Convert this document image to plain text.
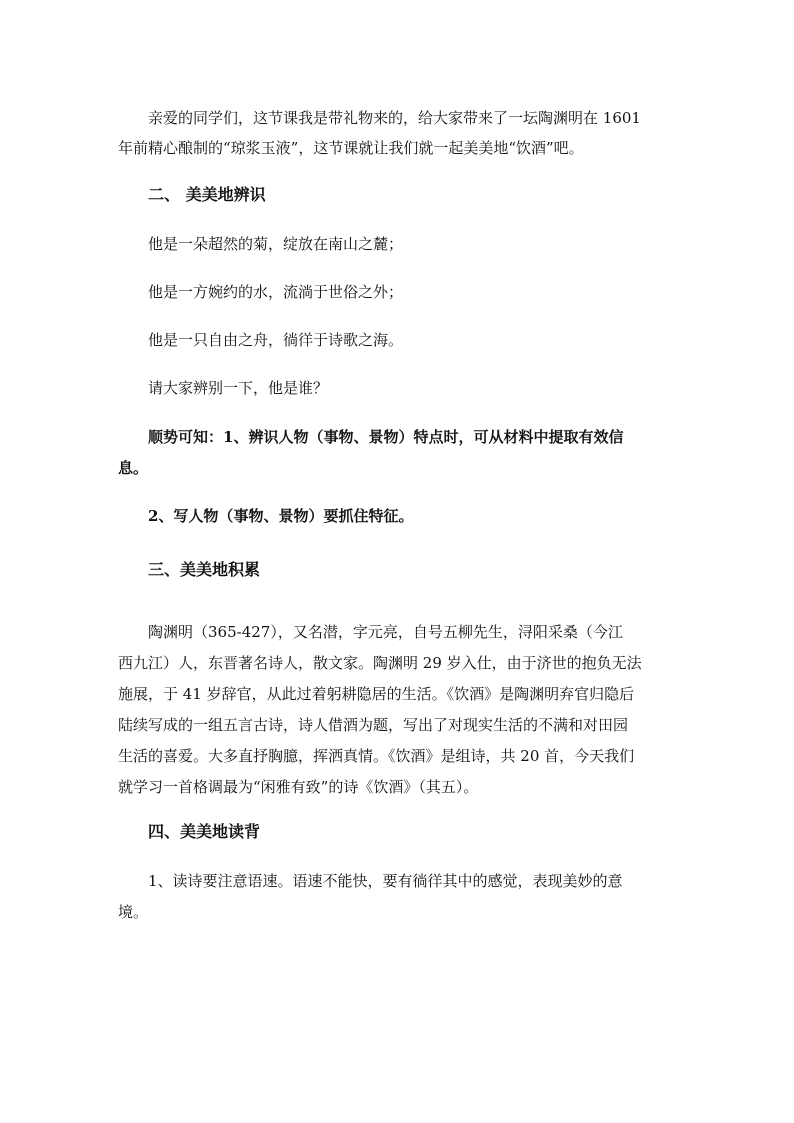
亲爱的同学们，这节课我是带礼物来的，给大家带来了一坛陶渊明在 1601
年前精心酿制的“琼浆玉液”，这节课就让我们就一起美美地“饮酒”吧。
二、 美美地辨识
他是一朵超然的菊，绽放在南山之麓；
他是一方婉约的水，流淌于世俗之外；
他是一只自由之舟，徜徉于诗歌之海。
请大家辨别一下，他是谁？
顺势可知：1、辨识人物（事物、景物）特点时，可从材料中提取有效信
息。
2、写人物（事物、景物）要抓住特征。
三、美美地积累
陶渊明（365-427），又名潜，字元亮，自号五柳先生，浔阳采桑（今江
西九江）人，东晋著名诗人，散文家。陶渊明 29 岁入仕，由于济世的抱负无法
施展，于 41 岁辞官，从此过着躬耕隐居的生活。《饮酒》是陶渊明弃官归隐后
陆续写成的一组五言古诗，诗人借酒为题，写出了对现实生活的不满和对田园
生活的喜爱。大多直抒胸臆，挥洒真情。《饮酒》是组诗，共 20 首，今天我们
就学习一首格调最为“闲雅有致”的诗《饮酒》（其五）。
四、美美地读背
1、读诗要注意语速。语速不能快，要有徜徉其中的感觉，表现美妙的意
境。
